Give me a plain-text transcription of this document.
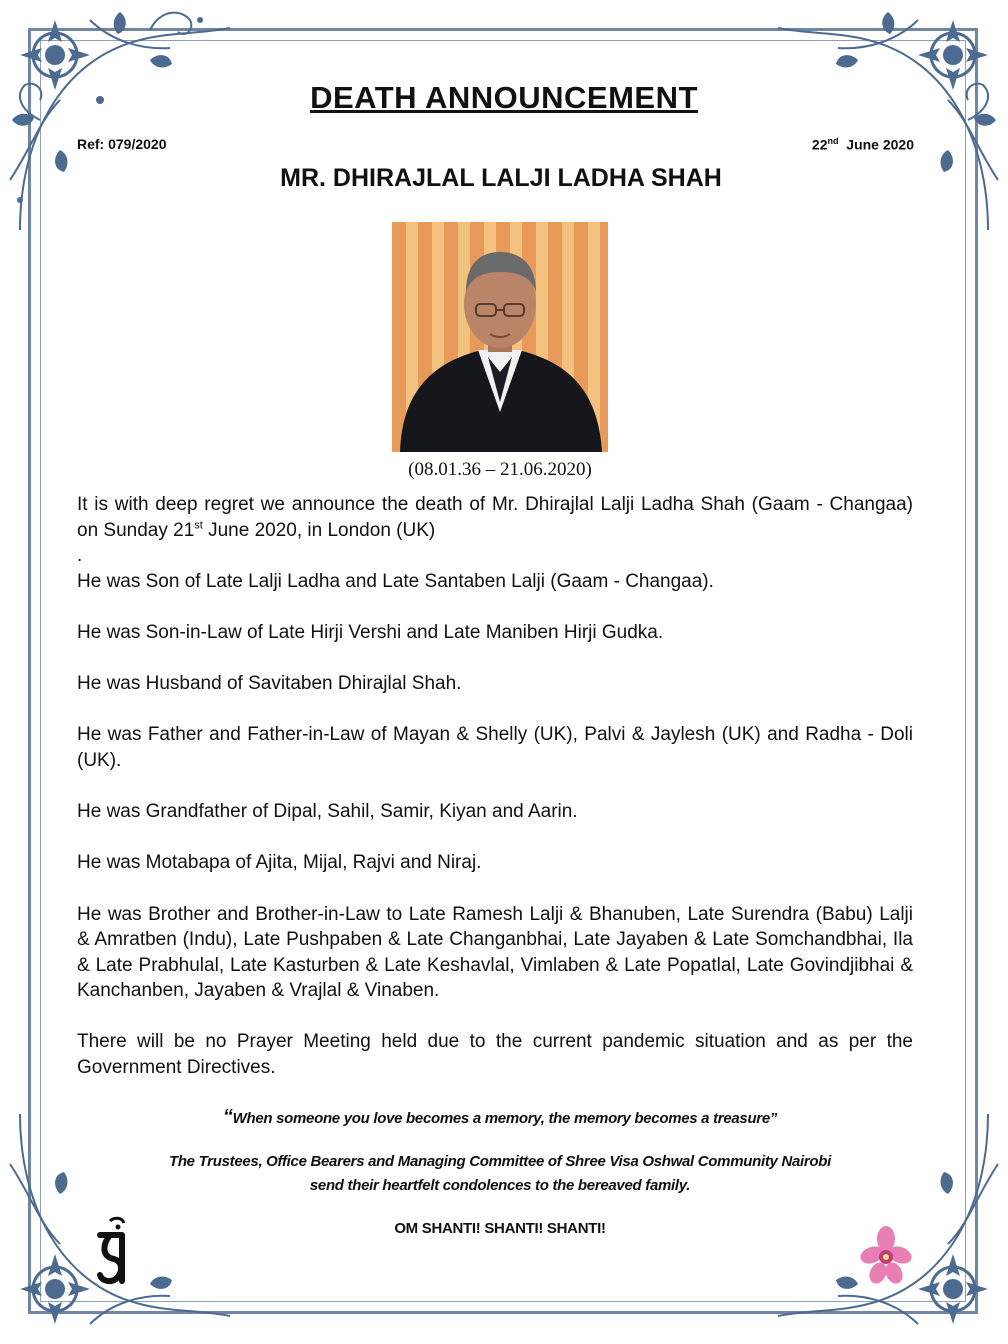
DEATH ANNOUNCEMENT
Ref: 079/2020	22nd June 2020
MR. DHIRAJLAL LALJI LADHA SHAH
(08.01.36 – 21.06.2020)

It is with deep regret we announce the death of Mr. Dhirajlal Lalji Ladha Shah (Gaam - Changaa) on Sunday 21st June 2020, in London (UK)

.

He was Son of Late Lalji Ladha and Late Santaben Lalji (Gaam - Changaa).

He was Son-in-Law of Late Hirji Vershi and Late Maniben Hirji Gudka.

He was Husband of Savitaben Dhirajlal Shah.

He was Father and Father-in-Law of Mayan & Shelly (UK), Palvi & Jaylesh (UK) and Radha - Doli (UK).

He was Grandfather of Dipal, Sahil, Samir, Kiyan and Aarin.

He was Motabapa of Ajita, Mijal, Rajvi and Niraj.

He was Brother and Brother-in-Law to Late Ramesh Lalji & Bhanuben, Late Surendra (Babu) Lalji & Amratben (Indu), Late Pushpaben & Late Changanbhai, Late Jayaben & Late Somchandbhai, Ila & Late Prabhulal, Late Kasturben & Late Keshavlal, Vimlaben & Late Popatlal, Late Govindjibhai & Kanchanben, Jayaben & Vrajlal & Vinaben.

There will be no Prayer Meeting held due to the current pandemic situation and as per the Government Directives.

“When someone you love becomes a memory, the memory becomes a treasure”
The Trustees, Office Bearers and Managing Committee of Shree Visa Oshwal Community Nairobi
send their heartfelt condolences to the bereaved family.
OM SHANTI! SHANTI! SHANTI!
